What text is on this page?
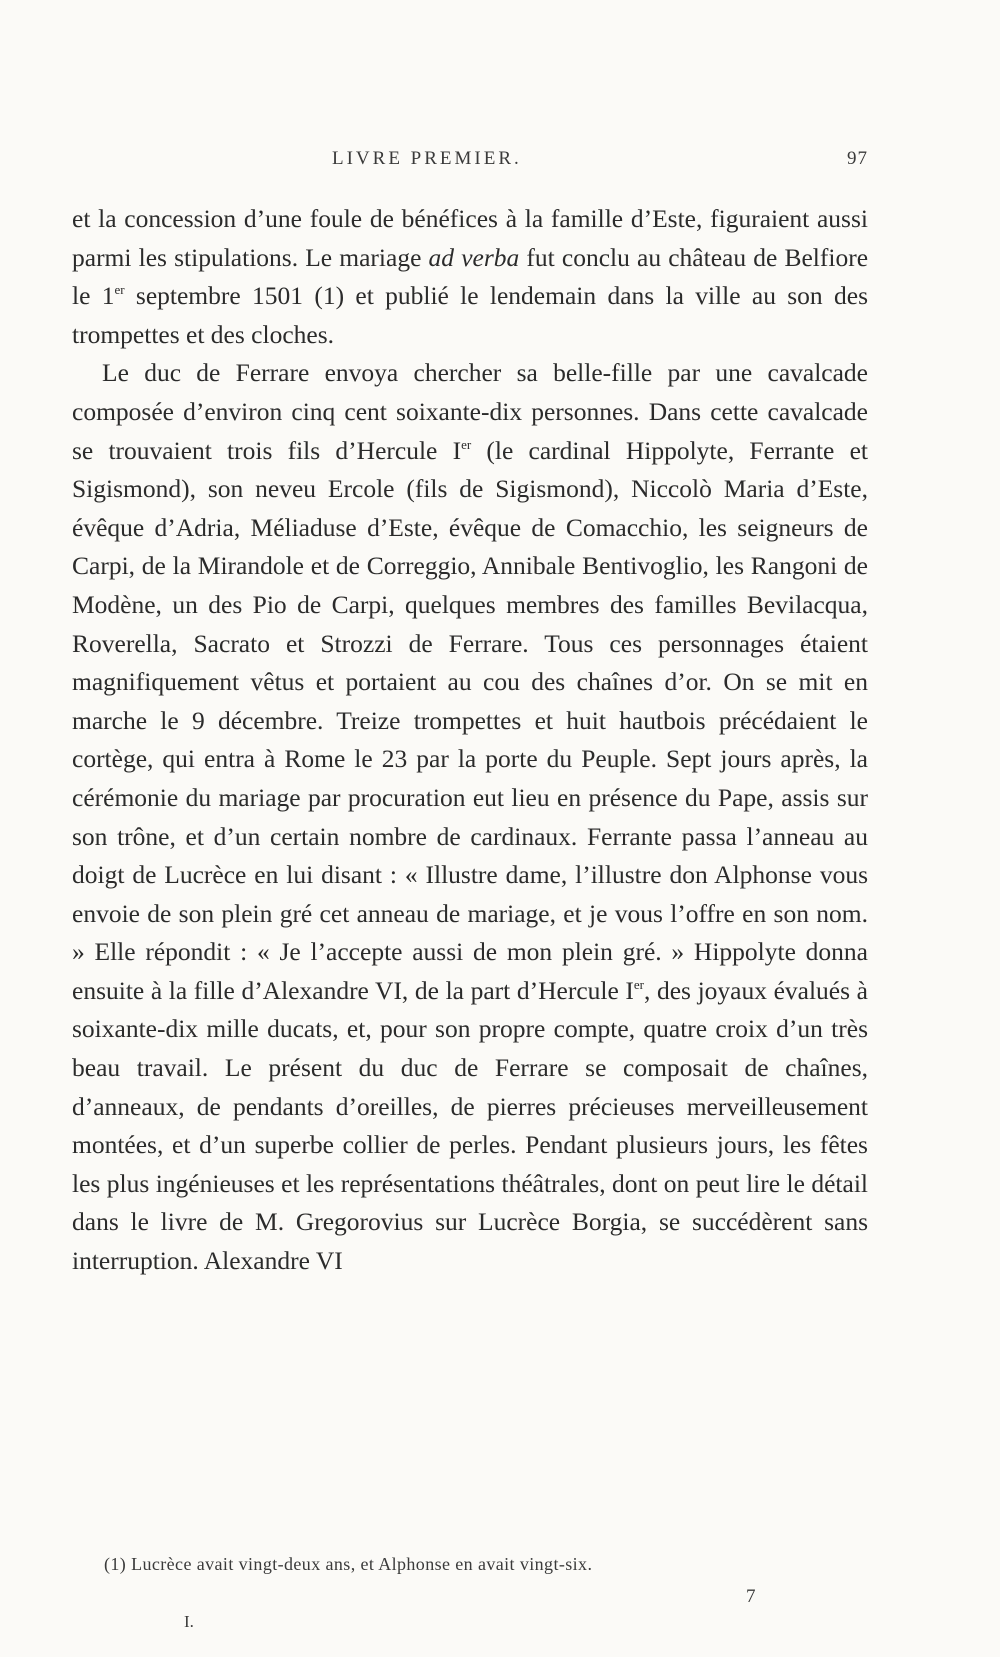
LIVRE PREMIER.	97

et la concession d’une foule de bénéfices à la famille d’Este, figuraient aussi parmi les stipulations. Le mariage ad verba fut conclu au château de Belfiore le 1er septembre 1501 (1) et publié le lendemain dans la ville au son des trompettes et des cloches.

Le duc de Ferrare envoya chercher sa belle-fille par une cavalcade composée d’environ cinq cent soixante-dix personnes. Dans cette cavalcade se trouvaient trois fils d’Hercule Ier (le cardinal Hippolyte, Ferrante et Sigismond), son neveu Ercole (fils de Sigismond), Niccolò Maria d’Este, évêque d’Adria, Méliaduse d’Este, évêque de Comacchio, les seigneurs de Carpi, de la Mirandole et de Correggio, Annibale Bentivoglio, les Rangoni de Modène, un des Pio de Carpi, quelques membres des familles Bevilacqua, Roverella, Sacrato et Strozzi de Ferrare. Tous ces personnages étaient magnifiquement vêtus et portaient au cou des chaînes d’or. On se mit en marche le 9 décembre. Treize trompettes et huit hautbois précédaient le cortège, qui entra à Rome le 23 par la porte du Peuple. Sept jours après, la cérémonie du mariage par procuration eut lieu en présence du Pape, assis sur son trône, et d’un certain nombre de cardinaux. Ferrante passa l’anneau au doigt de Lucrèce en lui disant : « Illustre dame, l’illustre don Alphonse vous envoie de son plein gré cet anneau de mariage, et je vous l’offre en son nom. » Elle répondit : « Je l’accepte aussi de mon plein gré. » Hippolyte donna ensuite à la fille d’Alexandre VI, de la part d’Hercule Ier, des joyaux évalués à soixante-dix mille ducats, et, pour son propre compte, quatre croix d’un très beau travail. Le présent du duc de Ferrare se composait de chaînes, d’anneaux, de pendants d’oreilles, de pierres précieuses merveilleusement montées, et d’un superbe collier de perles. Pendant plusieurs jours, les fêtes les plus ingénieuses et les représentations théâtrales, dont on peut lire le détail dans le livre de M. Gregorovius sur Lucrèce Borgia, se succédèrent sans interruption. Alexandre VI

(1) Lucrèce avait vingt-deux ans, et Alphonse en avait vingt-six.
I.
7
